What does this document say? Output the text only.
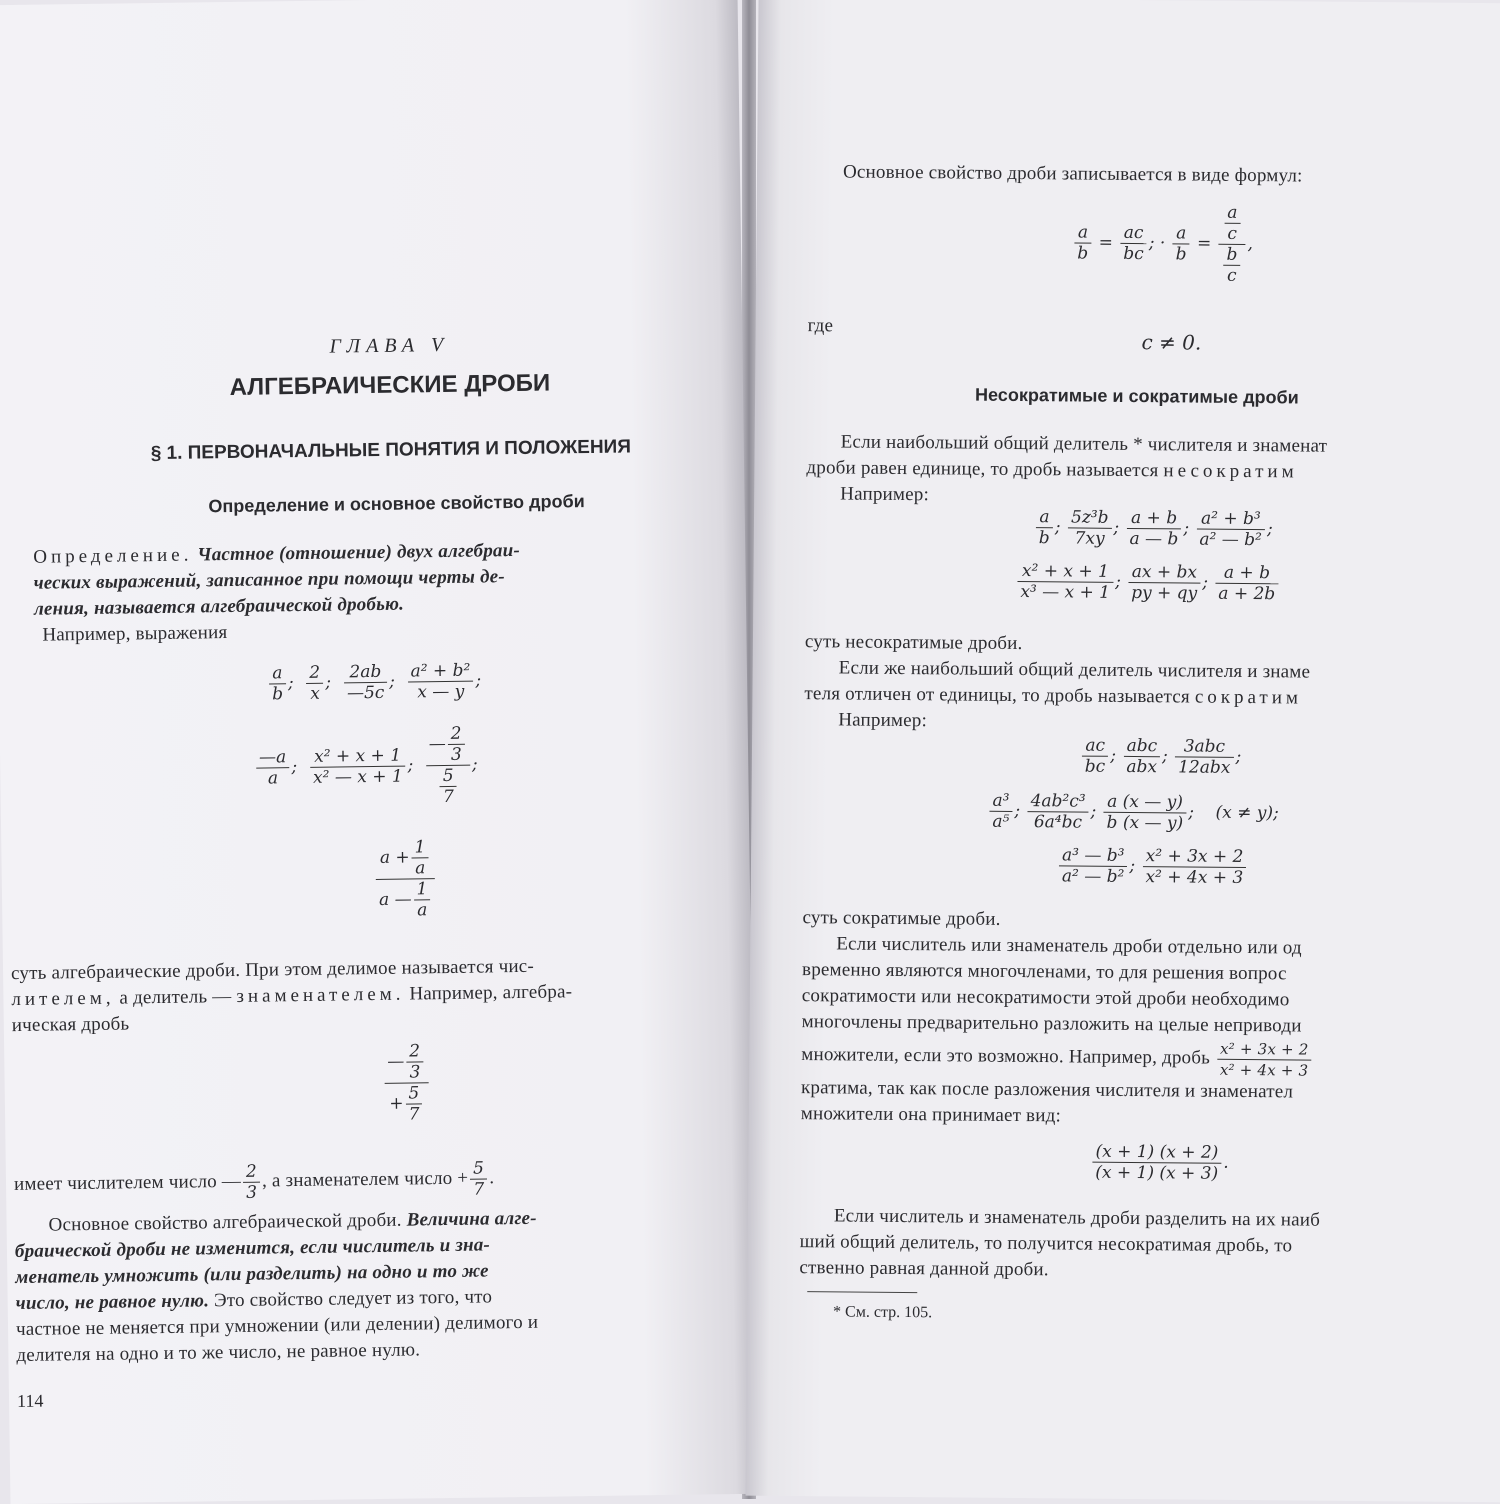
ГЛАВА V
АЛГЕБРАИЧЕСКИЕ ДРОБИ
§ 1. ПЕРВОНАЧАЛЬНЫЕ ПОНЯТИЯ И ПОЛОЖЕНИЯ
Определение и основное свойство дроби
Определение. Частное (отношение) двух алгебраи-
ческих выражений, записанное при помощи черты де-
ления, называется алгебраической дробью.
Например, выражения
$\frac{a}{b}$ ; $\frac{2}{x}$ ; $\frac{2ab}{—5c}$ ; $\frac{\text{a² + b²}}{x — y}$ ;
$\frac{—a}{a}$ ; $\frac{\text{x² + x + 1}}{\text{x² — x + 1}}$ ; $\frac{— \frac{2}{3}}{\frac{5}{7}}$ ;
$\frac{a + \frac{1}{a}}{a — \frac{1}{a}}$
суть алгебраические дроби. При этом делимое называется чис-
лителем, а делитель — знаменателем. Например, алгебра-
ическая дробь
$\frac{— \frac{2}{3}}{+ \frac{5}{7}}$
имеет числителем число — $\frac{2}{3}$ , а знаменателем число + $\frac{5}{7}$ .
Основное свойство алгебраической дроби. Величина алге-
браической дроби не изменится, если числитель и зна-
менатель умножить (или разделить) на одно и то же
число, не равное нулю. Это свойство следует из того, что
частное не меняется при умножении (или делении) делимого и
делителя на одно и то же число, не равное нулю.
114
Основное свойство дроби записывается в виде формул:
$\frac{a}{b} = \frac{ac}{bc}$ ; · $\frac{a}{b} = \frac{\frac{a}{c}}{\frac{b}{c}}$ ,
где
c ≠ 0.
Несократимые и сократимые дроби
Если наибольший общий делитель * числителя и знаменат
дроби равен единице, то дробь называется несократим
Например:
$\frac{a}{b}$ ; $\frac{\text{5z³b}}{7xy}$ ; $\frac{a + b}{a — b}$ ; $\frac{\text{a² + b³}}{\text{a² — b²}}$ ;
$\frac{\text{x² + x + 1}}{\text{x³ — x + 1}}$ ; $\frac{ax + bx}{py + qy}$ ; $\frac{a + b}{a + 2b}$
суть несократимые дроби.
Если же наибольший общий делитель числителя и знаме
теля отличен от единицы, то дробь называется сократим
Например:
$\frac{ac}{bc}$ ; $\frac{\text{abc}}{\text{abx}}$ ; $\frac{\text{3abc}}{\text{12abx}}$ ;
$\frac{\text{a³}}{\text{a⁵}}$ ; $\frac{\text{4ab²c³}}{\text{6a⁴bc}}$ ; $\frac{a (x — y)}{b (x — y)}$ ;    (x ≠ y);
$\frac{\text{a³ — b³}}{\text{a² — b²}}$ ; $\frac{\text{x² + 3x + 2}}{\text{x² + 4x + 3}}$
суть сократимые дроби.
Если числитель или знаменатель дроби отдельно или од
временно являются многочленами, то для решения вопрос
сократимости или несократимости этой дроби необходимо
многочлены предварительно разложить на целые неприводи
множители, если это возможно. Например, дробь $\frac{\text{x² + 3x + 2}}{\text{x² + 4x + 3}}$
кратима, так как после разложения числителя и знаменател
множители она принимает вид:
$\frac{(x + 1) (x + 2)}{(x + 1) (x + 3)}$ .
Если числитель и знаменатель дроби разделить на их наиб
ший общий делитель, то получится несократимая дробь, то
ственно равная данной дроби.
* См. стр. 105.
